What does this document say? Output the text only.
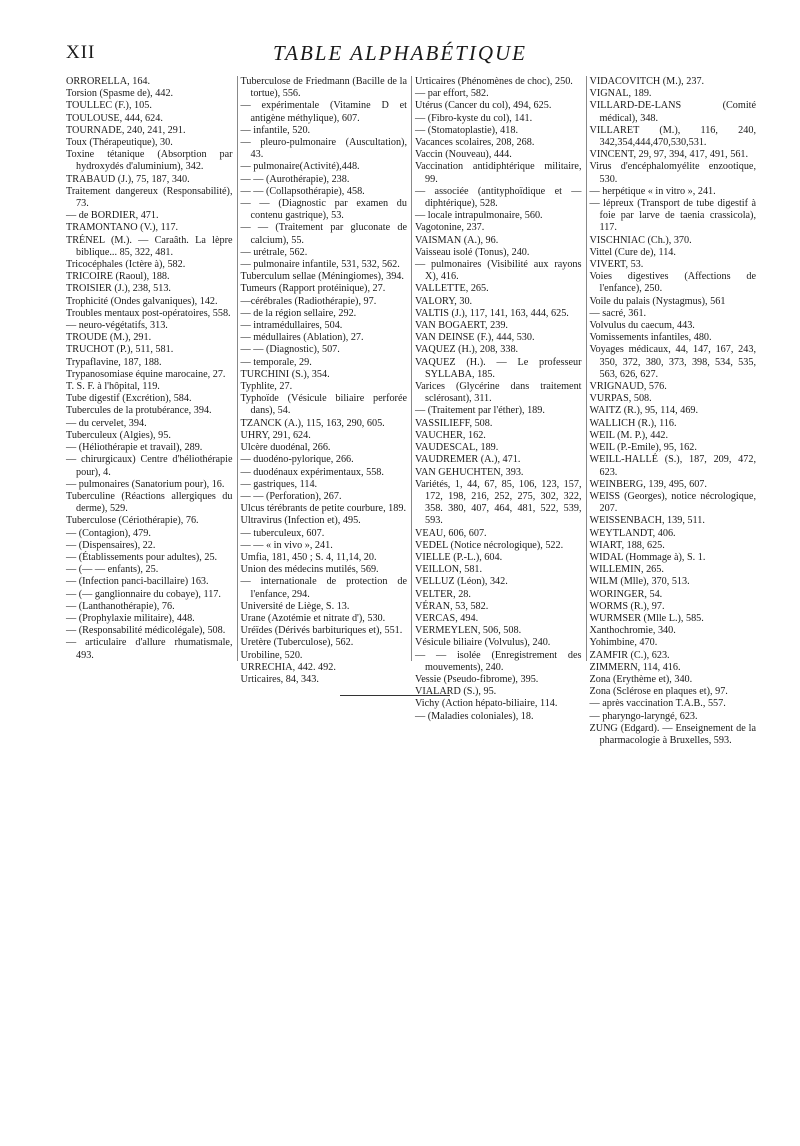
XII	TABLE ALPHABÉTIQUE

ORRORELLA, 164.

Torsion (Spasme de), 442.

TOULLEC (F.), 105.

TOULOUSE, 444, 624.

TOURNADE, 240, 241, 291.

Toux (Thérapeutique), 30.

Toxine tétanique (Absorption par hydroxydés d'aluminium), 342.

TRABAUD (J.), 75, 187, 340.

Traitement dangereux (Responsabilité), 73.

— de BORDIER, 471.

TRAMONTANO (V.), 117.

TRÉNEL (M.). — Caraâth. La lèpre biblique... 85, 322, 481.

Tricocéphales (Ictère à), 582.

TRICOIRE (Raoul), 188.

TROISIER (J.), 238, 513.

Trophicité (Ondes galvaniques), 142.

Troubles mentaux post-opératoires, 558.

— neuro-végétatifs, 313.

TROUDE (M.), 291.

TRUCHOT (P.), 511, 581.

Trypaflavine, 187, 188.

Trypanosomiase équine marocaine, 27.

T. S. F. à l'hôpital, 119.

Tube digestif (Excrétion), 584.

Tubercules de la protubérance, 394.

— du cervelet, 394.

Tuberculeux (Algies), 95.

— (Héliothérapie et travail), 289.

— chirurgicaux) Centre d'héliothérapie pour), 4.

— pulmonaires (Sanatorium pour), 16.

Tuberculine (Réactions allergiques du derme), 529.

Tuberculose (Cériothérapie), 76.

— (Contagion), 479.

— (Dispensaires), 22.

— (Établissements pour adultes), 25.

— (— — enfants), 25.

— (Infection panci-bacillaire) 163.

— (— ganglionnaire du cobaye), 117.

— (Lanthanothérapie), 76.

— (Prophylaxie militaire), 448.

— (Responsabilité médicolégale), 508.

— articulaire d'allure rhumatismale, 493.

Tuberculose de Friedmann (Bacille de la tortue), 556.

— expérimentale (Vitamine D et antigène méthylique), 607.

— infantile, 520.

— pleuro-pulmonaire (Auscultation), 43.

— pulmonaire(Activité),448.

— — (Aurothérapie), 238.

— — (Collapsothérapie), 458.

— — (Diagnostic par examen du contenu gastrique), 53.

— — (Traitement par gluconate de calcium), 55.

— urétrale, 562.

— pulmonaire infantile, 531, 532, 562.

Tuberculum sellae (Méningiomes), 394.

Tumeurs (Rapport protéinique), 27.

—cérébrales (Radiothérapie), 97.

— de la région sellaire, 292.

— intramédullaires, 504.

— médullaires (Ablation), 27.

— — (Diagnostic), 507.

— temporale, 29.

TURCHINI (S.), 354.

Typhlite, 27.

Typhoïde (Vésicule biliaire perforée dans), 54.

TZANCK (A.), 115, 163, 290, 605.

UHRY, 291, 624.

Ulcère duodénal, 266.

— duodéno-pylorique, 266.

— duodénaux expérimentaux, 558.

— gastriques, 114.

— — (Perforation), 267.

Ulcus térébrants de petite courbure, 189.

Ultravirus (Infection et), 495.

— tuberculeux, 607.

— — « in vivo », 241.

Umfia, 181, 450 ; S. 4, 11,14, 20.

Union des médecins mutilés, 569.

— internationale de protection de l'enfance, 294.

Université de Liège, S. 13.

Urane (Azotémie et nitrate d'), 530.

Uréïdes (Dérivés barbituriques et), 551.

Uretère (Tuberculose), 562.

Urobiline, 520.

URRECHIA, 442. 492.

Urticaires, 84, 343.

Urticaires (Phénomènes de choc), 250.

— par effort, 582.

Utérus (Cancer du col), 494, 625.

— (Fibro-kyste du col), 141.

— (Stomatoplastie), 418.

Vacances scolaires, 208, 268.

Vaccin (Nouveau), 444.

Vaccination antidiphtérique militaire, 99.

— associée (antityphoïdique et — diphtérique), 528.

— locale intrapulmonaire, 560.

Vagotonine, 237.

VAISMAN (A.), 96.

Vaisseau isolé (Tonus), 240.

— pulmonaires (Visibilité aux rayons X), 416.

VALLETTE, 265.

VALORY, 30.

VALTIS (J.), 117, 141, 163, 444, 625.

VAN BOGAERT, 239.

VAN DEINSE (F.), 444, 530.

VAQUEZ (H.), 208, 338.

VAQUEZ (H.). — Le professeur SYLLABA, 185.

Varices (Glycérine dans traitement sclérosant), 311.

— (Traitement par l'éther), 189.

VASSILIEFF, 508.

VAUCHER, 162.

VAUDESCAL, 189.

VAUDREMER (A.), 471.

VAN GEHUCHTEN, 393.

Variétés, 1, 44, 67, 85, 106, 123, 157, 172, 198, 216, 252, 275, 302, 322, 358. 380, 407, 464, 481, 522, 539, 593.

VEAU, 606, 607.

VEDEL (Notice nécrologique), 522.

VIELLE (P.-L.), 604.

VEILLON, 581.

VELLUZ (Léon), 342.

VELTER, 28.

VÉRAN, 53, 582.

VERCAS, 494.

VERMEYLEN, 506, 508.

Vésicule biliaire (Volvulus), 240.

— — isolée (Enregistrement des mouvements), 240.

Vessie (Pseudo-fibrome), 395.

VIALARD (S.), 95.

Vichy (Action hépato-biliaire, 114.

— (Maladies coloniales), 18.

VIDACOVITCH (M.), 237.

VIGNAL, 189.

VILLARD-DE-LANS (Comité médical), 348.

VILLARET (M.), 116, 240, 342,354,444,470,530,531.

VINCENT, 29, 97, 394, 417, 491, 561.

Virus d'encéphalomyélite enzootique, 530.

— herpétique « in vitro », 241.

— lépreux (Transport de tube digestif à foie par larve de taenia crassicola), 117.

VISCHNIAC (Ch.), 370.

Vittel (Cure de), 114.

VIVERT, 53.

Voies digestives (Affections de l'enfance), 250.

Voile du palais (Nystagmus), 561

— sacré, 361.

Volvulus du caecum, 443.

Vomissements infantiles, 480.

Voyages médicaux, 44, 147, 167, 243, 350, 372, 380, 373, 398, 534, 535, 563, 626, 627.

VRIGNAUD, 576.

VURPAS, 508.

WAITZ (R.), 95, 114, 469.

WALLICH (R.), 116.

WEIL (M. P.), 442.

WEIL (P.-Emile), 95, 162.

WEILL-HALLÉ (S.), 187, 209, 472, 623.

WEINBERG, 139, 495, 607.

WEISS (Georges), notice nécrologique, 207.

WEISSENBACH, 139, 511.

WEYTLANDT, 406.

WIART, 188, 625.

WIDAL (Hommage à), S. 1.

WILLEMIN, 265.

WILM (Mlle), 370, 513.

WORINGER, 54.

WORMS (R.), 97.

WURMSER (Mlle L.), 585.

Xanthochromie, 340.

Yohimbine, 470.

ZAMFIR (C.), 623.

ZIMMERN, 114, 416.

Zona (Erythème et), 340.

Zona (Sclérose en plaques et), 97.

— après vaccination T.A.B., 557.

— pharyngo-laryngé, 623.

ZUNG (Edgard). — Enseignement de la pharmacologie à Bruxelles, 593.
